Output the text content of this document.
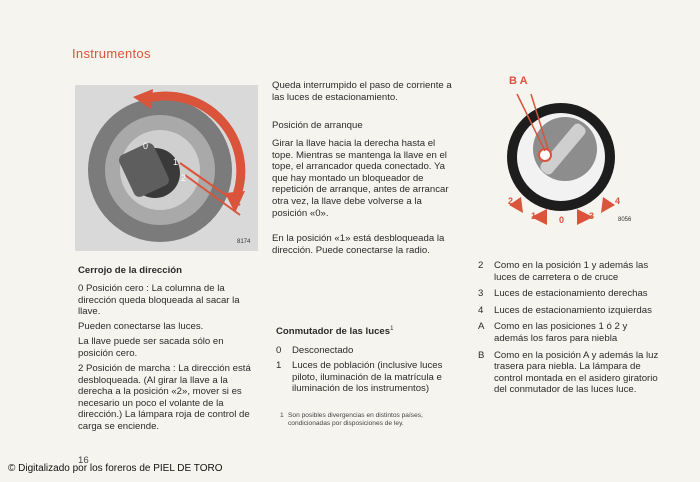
Instrumentos
0
1
2
8174
Cerrojo de la dirección
0 Posición cero : La columna de la dirección queda bloqueada al sacar la llave.
Pueden conectarse las luces.
La llave puede ser sacada sólo en posición cero.
2 Posición de marcha : La dirección está desbloqueada. (Al girar la llave a la derecha a la posición «2», mover si es necesario un poco el volante de la dirección.) La lámpara roja de control de carga se enciende.
Queda interrumpido el paso de corriente a las luces de estacionamiento.
Posición de arranque
Girar la llave hacia la derecha hasta el tope. Mientras se mantenga la llave en el tope, el arrancador queda conectado. Ya que hay montado un bloqueador de repetición de arranque, antes de arrancar otra vez, la llave debe volverse a la posición «0».
En la posición «1» está desbloqueada la dirección. Puede conectarse la radio.
Conmutador de las luces$^1$
0 Desconectado
1	Luces de población (inclusive luces piloto, iluminación de la matrícula e iluminación de los instrumentos)
1 Son posibles divergencias en distintos países, condicionadas por disposiciones de ley.
B A
2
1	0	3
4
8056
2	Como en la posición 1 y además las luces de carretera o de cruce
3	Luces de estacionamiento derechas
4	Luces de estacionamiento izquierdas
A Como en las posiciones 1 ó 2 y además los faros para niebla
B Como en la posición A y además la luz trasera para niebla. La lámpara de control montada en el asidero giratorio del conmutador de las luces luce.
16
© Digitalizado por los foreros de PIEL DE TORO
